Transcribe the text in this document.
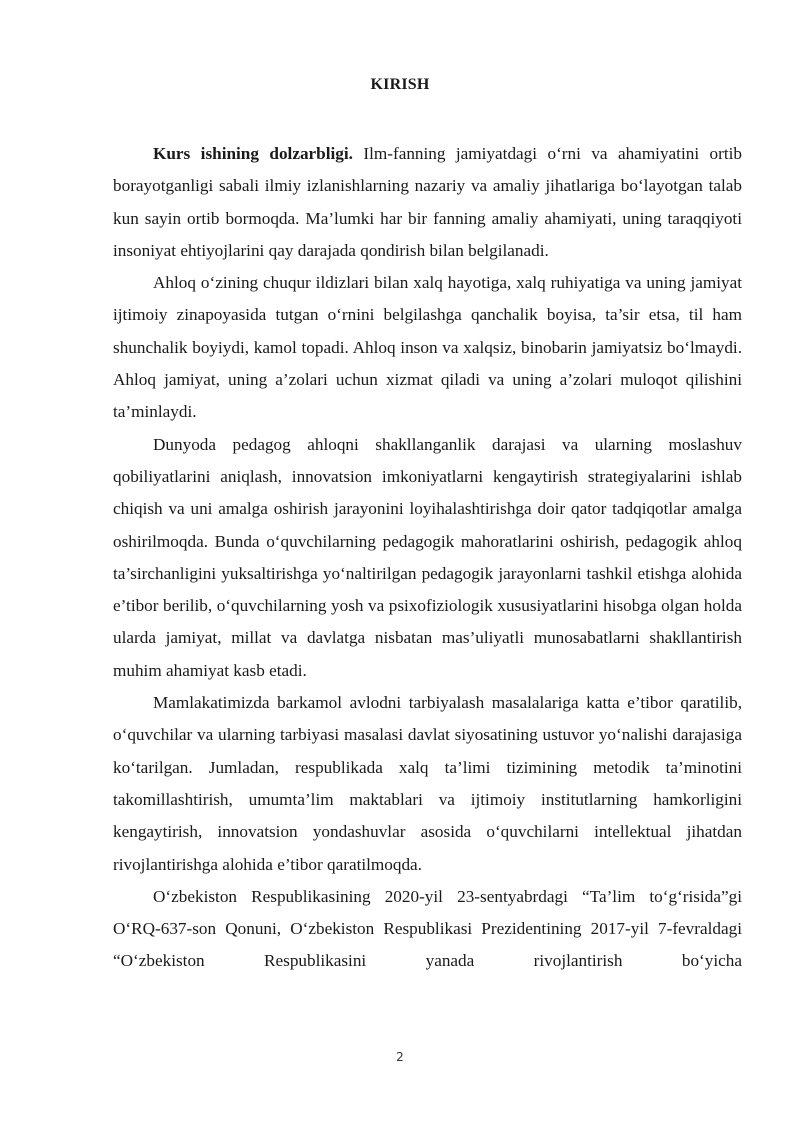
KIRISH

Kurs ishining dolzarbligi. Ilm-fanning jamiyatdagi o‘rni va ahamiyatini ortib borayotganligi sabali ilmiy izlanishlarning nazariy va amaliy jihatlariga bo‘layotgan talab kun sayin ortib bormoqda. Ma’lumki har bir fanning amaliy ahamiyati, uning taraqqiyoti insoniyat ehtiyojlarini qay darajada qondirish bilan belgilanadi.

Ahloq o‘zining chuqur ildizlari bilan xalq hayotiga, xalq ruhiyatiga va uning jamiyat ijtimoiy zinapoyasida tutgan o‘rnini belgilashga qanchalik boyisa, ta’sir etsa, til ham shunchalik boyiydi, kamol topadi. Ahloq inson va xalqsiz, binobarin jamiyatsiz bo‘lmaydi. Ahloq jamiyat, uning a’zolari uchun xizmat qiladi va uning a’zolari muloqot qilishini ta’minlaydi.

Dunyoda pedagog ahloqni shakllanganlik darajasi va ularning moslashuv qobiliyatlarini aniqlash, innovatsion imkoniyatlarni kengaytirish strategiyalarini ishlab chiqish va uni amalga oshirish jarayonini loyihalashtirishga doir qator tadqiqotlar amalga oshirilmoqda. Bunda o‘quvchilarning pedagogik mahoratlarini oshirish, pedagogik ahloq ta’sirchanligini yuksaltirishga yo‘naltirilgan pedagogik jarayonlarni tashkil etishga alohida e’tibor berilib, o‘quvchilarning yosh va psixofiziologik xususiyatlarini hisobga olgan holda ularda jamiyat, millat va davlatga nisbatan mas’uliyatli munosabatlarni shakllantirish muhim ahamiyat kasb etadi.

Mamlakatimizda barkamol avlodni tarbiyalash masalalariga katta e’tibor qaratilib, o‘quvchilar va ularning tarbiyasi masalasi davlat siyosatining ustuvor yo‘nalishi darajasiga ko‘tarilgan. Jumladan, respublikada xalq ta’limi tizimining metodik ta’minotini takomillashtirish, umumta’lim maktablari va ijtimoiy institutlarning hamkorligini kengaytirish, innovatsion yondashuvlar asosida o‘quvchilarni intellektual jihatdan rivojlantirishga alohida e’tibor qaratilmoqda.

O‘zbekiston Respublikasining 2020-yil 23-sentyabrdagi “Ta’lim to‘g‘risida”gi O‘RQ-637-son Qonuni, O‘zbekiston Respublikasi Prezidentining 2017-yil 7-fevraldagi “O‘zbekiston Respublikasini yanada rivojlantirish bo‘yicha

2
